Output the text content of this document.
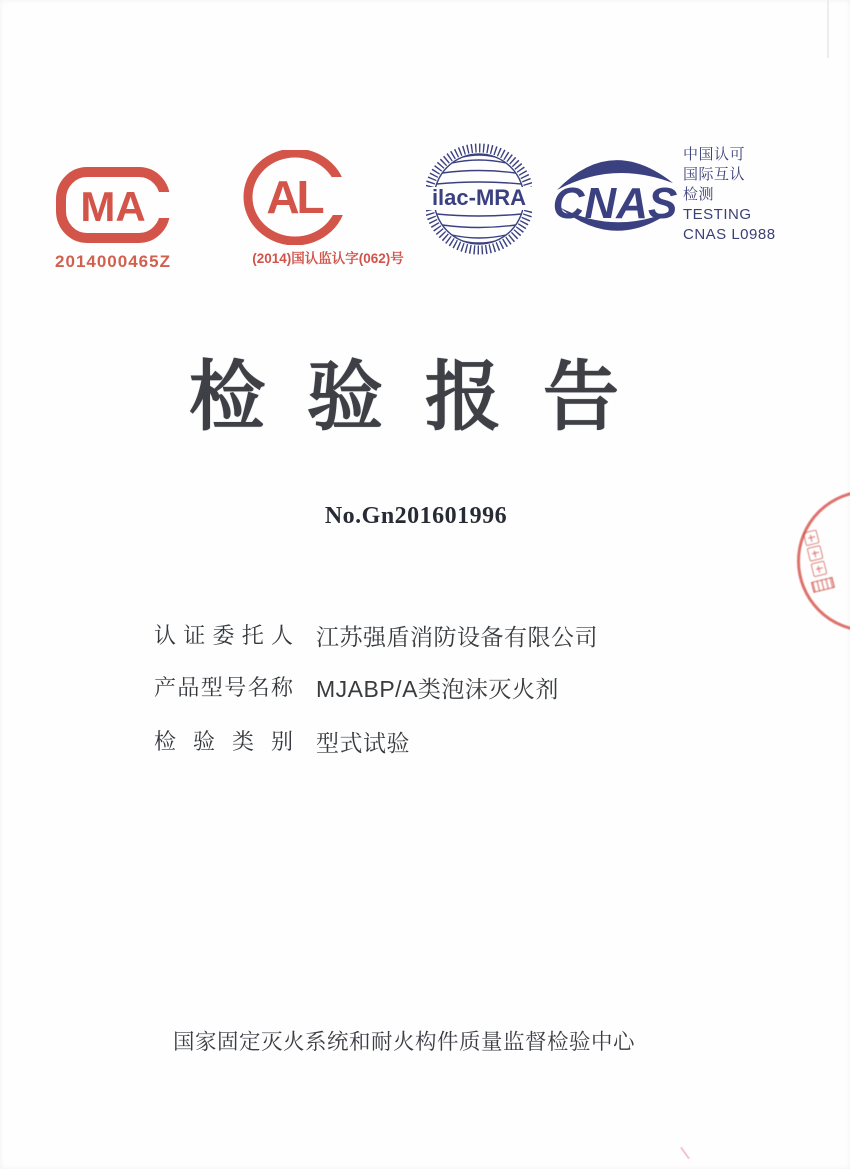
MA
2014000465Z
AL
(2014)国认监认字(062)号
ilac-MRA CNAS
中国认可
国际互认
检测
TESTING
CNAS L0988
检验报告
No.Gn201601996
认证委托人 江苏强盾消防设备有限公司
产品型号名称 MJABP/A类泡沫灭火剂
检验类别 型式试验
国家固定灭火系统和耐火构件质量监督检验中心
